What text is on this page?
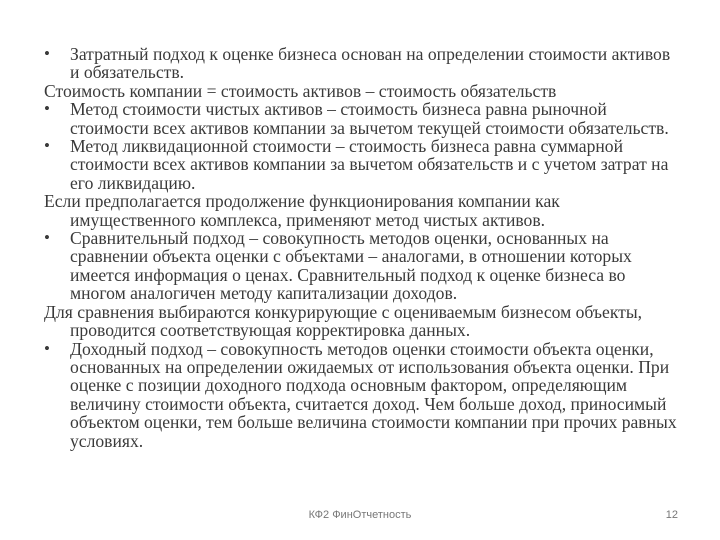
•	Затратный подход к оценке бизнеса основан на определении стоимости активов и обязательств.

Стоимость компании = стоимость активов – стоимость обязательств

•	Метод стоимости чистых активов – стоимость бизнеса равна рыночной стоимости всех активов компании за вычетом текущей стоимости обязательств.

•	Метод ликвидационной стоимости – стоимость бизнеса равна суммарной стоимости всех активов компании за вычетом обязательств и с учетом затрат на его ликвидацию.

Если предполагается продолжение функционирования компании как имущественного комплекса, применяют метод чистых активов.

•	Сравнительный подход – совокупность методов оценки, основанных на сравнении объекта оценки с объектами – аналогами, в отношении которых имеется информация о ценах. Сравнительный подход к оценке бизнеса во многом аналогичен методу капитализации доходов.

Для сравнения выбираются конкурирующие с оцениваемым бизнесом объекты, проводится соответствующая корректировка данных.

•	Доходный подход – совокупность методов оценки стоимости объекта оценки, основанных на определении ожидаемых от использования объекта оценки. При оценке с позиции доходного подхода основным фактором, определяющим величину стоимости объекта, считается доход. Чем больше доход, приносимый объектом оценки, тем больше величина стоимости компании при прочих равных условиях.

КФ2 ФинОтчетность	12
